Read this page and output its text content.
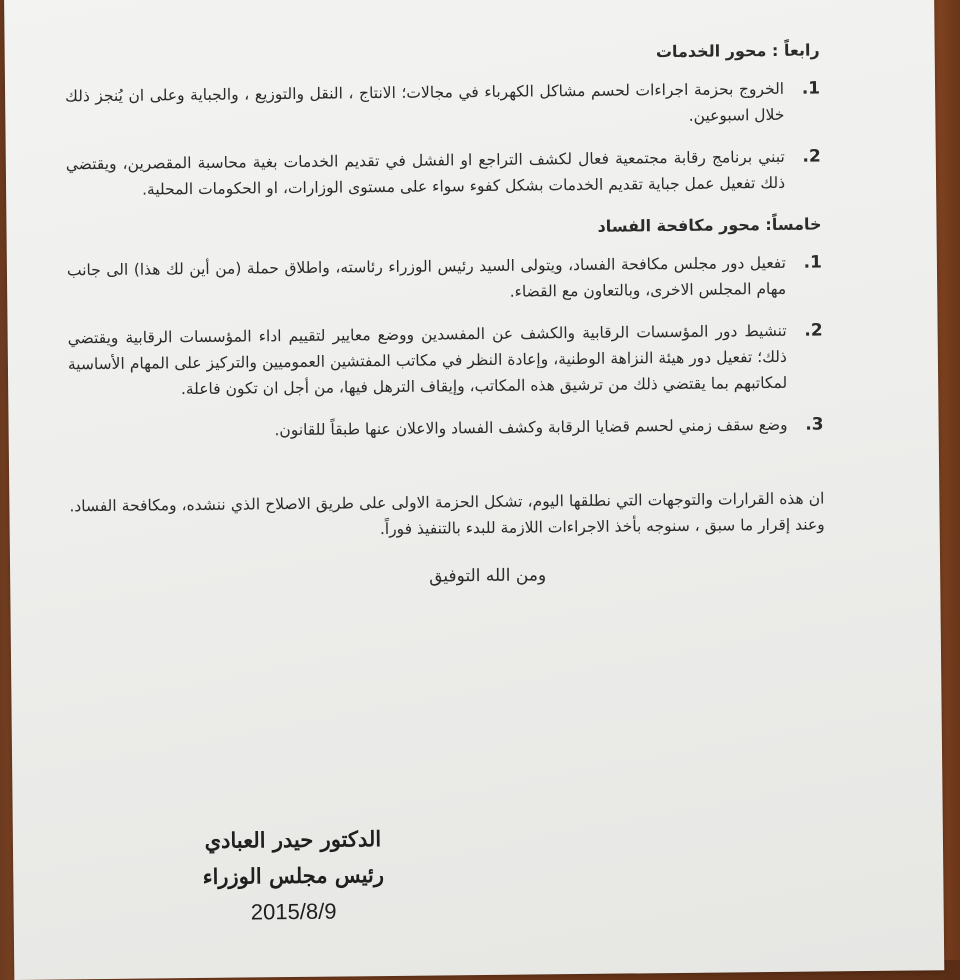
رابعاً : محور الخدمات
1.
الخروج بحزمة اجراءات لحسم مشاكل الكهرباء في مجالات؛ الانتاج ، النقل والتوزيع ، والجباية وعلى ان يُنجز ذلك خلال اسبوعين.
2.
تبني برنامج رقابة مجتمعية فعال لكشف التراجع او الفشل في تقديم الخدمات بغية محاسبة المقصرين، ويقتضي ذلك تفعيل عمل جباية تقديم الخدمات بشكل كفوء سواء على مستوى الوزارات، او الحكومات المحلية.
خامساً: محور مكافحة الفساد
1.
تفعيل دور مجلس مكافحة الفساد، ويتولى السيد رئيس الوزراء رئاسته، واطلاق حملة (من أين لك هذا) الى جانب مهام المجلس الاخرى، وبالتعاون مع القضاء.
2.
تنشيط دور المؤسسات الرقابية والكشف عن المفسدين ووضع معايير لتقييم اداء المؤسسات الرقابية ويقتضي ذلك؛ تفعيل دور هيئة النزاهة الوطنية، وإعادة النظر في مكاتب المفتشين العموميين والتركيز على المهام الأساسية لمكاتبهم بما يقتضي ذلك من ترشيق هذه المكاتب، وإيقاف الترهل فيها، من أجل ان تكون فاعلة.
3.
وضع سقف زمني لحسم قضايا الرقابة وكشف الفساد والاعلان عنها طبقاً للقانون.
ان هذه القرارات والتوجهات التي نطلقها اليوم، تشكل الحزمة الاولى على طريق الاصلاح الذي ننشده، ومكافحة الفساد. وعند إقرار ما سبق ، سنوجه بأخذ الاجراءات اللازمة للبدء بالتنفيذ فوراً.
ومن الله التوفيق
الدكتور حيدر العبادي
رئيس مجلس الوزراء
2015/8/9
